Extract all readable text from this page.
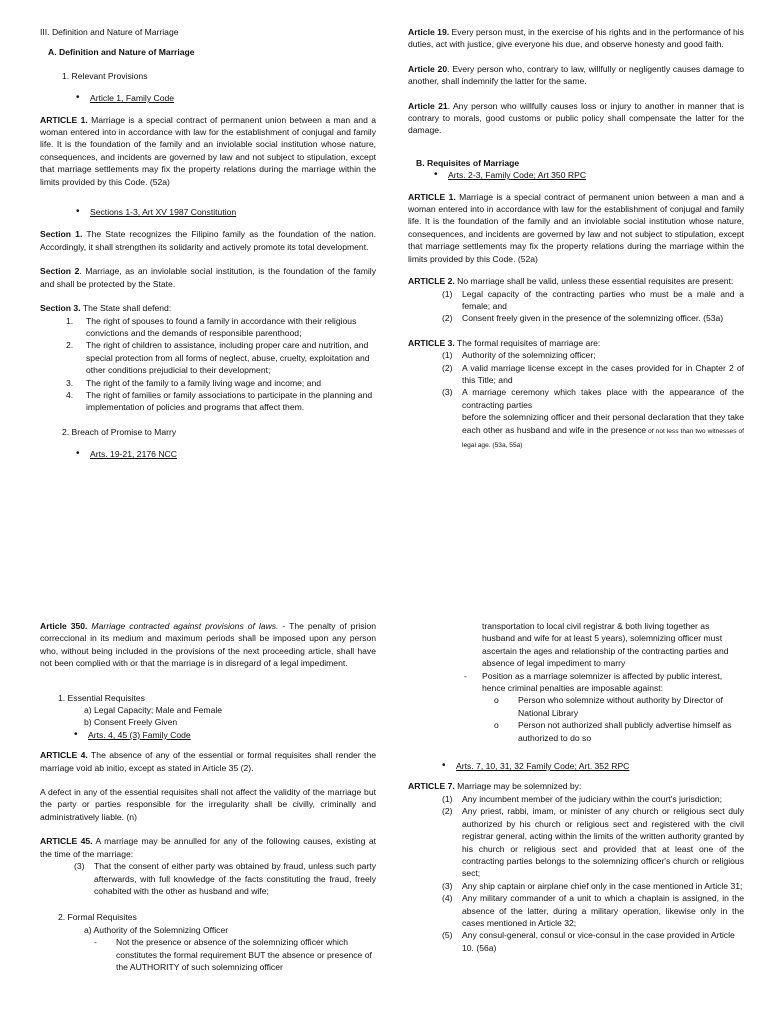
III. Definition and Nature of Marriage

A. Definition and Nature of Marriage

1. Relevant Provisions

• Article 1, Family Code

ARTICLE 1. Marriage is a special contract of permanent union between a man and a woman entered into in accordance with law for the establishment of conjugal and family life. It is the foundation of the family and an inviolable social institution whose nature, consequences, and incidents are governed by law and not subject to stipulation, except that marriage settlements may fix the property relations during the marriage within the limits provided by this Code. (52a)

• Sections 1-3, Art XV 1987 Constitution

Section 1. The State recognizes the Filipino family as the foundation of the nation. Accordingly, it shall strengthen its solidarity and actively promote its total development.

Section 2. Marriage, as an inviolable social institution, is the foundation of the family and shall be protected by the State.

Section 3. The State shall defend:

1. The right of spouses to found a family in accordance with their religious convictions and the demands of responsible parenthood;

2. The right of children to assistance, including proper care and nutrition, and special protection from all forms of neglect, abuse, cruelty, exploitation and other conditions prejudicial to their development;

3. The right of the family to a family living wage and income; and

4. The right of families or family associations to participate in the planning and implementation of policies and programs that affect them.

2. Breach of Promise to Marry

• Arts. 19-21, 2176 NCC

Article 19. Every person must, in the exercise of his rights and in the performance of his duties, act with justice, give everyone his due, and observe honesty and good faith.

Article 20. Every person who, contrary to law, willfully or negligently causes damage to another, shall indemnify the latter for the same.

Article 21. Any person who willfully causes loss or injury to another in manner that is contrary to morals, good customs or public policy shall compensate the latter for the damage.

B. Requisites of Marriage

• Arts. 2-3, Family Code; Art 350 RPC

ARTICLE 1. Marriage is a special contract of permanent union between a man and a woman entered into in accordance with law for the establishment of conjugal and family life. It is the foundation of the family and an inviolable social institution whose nature, consequences, and incidents are governed by law and not subject to stipulation, except that marriage settlements may fix the property relations during the marriage within the limits provided by this Code. (52a)

ARTICLE 2. No marriage shall be valid, unless these essential requisites are present:

(1) Legal capacity of the contracting parties who must be a male and a female; and

(2) Consent freely given in the presence of the solemnizing officer. (53a)

ARTICLE 3. The formal requisites of marriage are:

(1) Authority of the solemnizing officer;

(2) A valid marriage license except in the cases provided for in Chapter 2 of this Title; and

(3) A marriage ceremony which takes place with the appearance of the contracting parties

before the solemnizing officer and their personal declaration that they take each other as husband and wife in the presence of not less than two witnesses of legal age. (53a, 55a)

Article 350. Marriage contracted against provisions of laws. - The penalty of prision correccional in its medium and maximum periods shall be imposed upon any person who, without being included in the provisions of the next proceeding article, shall have not been complied with or that the marriage is in disregard of a legal impediment.

1. Essential Requisites

a) Legal Capacity; Male and Female

b) Consent Freely Given

• Arts. 4, 45 (3) Family Code

ARTICLE 4. The absence of any of the essential or formal requisites shall render the marriage void ab initio, except as stated in Article 35 (2).

A defect in any of the essential requisites shall not affect the validity of the marriage but the party or parties responsible for the irregularity shall be civilly, criminally and administratively liable. (n)

ARTICLE 45. A marriage may be annulled for any of the following causes, existing at the time of the marriage:

(3) That the consent of either party was obtained by fraud, unless such party afterwards, with full knowledge of the facts constituting the fraud, freely cohabited with the other as husband and wife;

2. Formal Requisites

a) Authority of the Solemnizing Officer

- Not the presence or absence of the solemnizing officer which constitutes the formal requirement BUT the absence or presence of the AUTHORITY of such solemnizing officer

transportation to local civil registrar & both living together as husband and wife for at least 5 years), solemnizing officer must ascertain the ages and relationship of the contracting parties and absence of legal impediment to marry

- Position as a marriage solemnizer is affected by public interest, hence criminal penalties are imposable against:

o Person who solemnize without authority by Director of National Library

o Person not authorized shall publicly advertise himself as authorized to do so

• Arts. 7, 10, 31, 32 Family Code; Art. 352 RPC

ARTICLE 7. Marriage may be solemnized by:

(1) Any incumbent member of the judiciary within the court's jurisdiction;

(2) Any priest, rabbi, imam, or minister of any church or religious sect duly authorized by his church or religious sect and registered with the civil registrar general, acting within the limits of the written authority granted by his church or religious sect and provided that at least one of the contracting parties belongs to the solemnizing officer's church or religious sect;

(3) Any ship captain or airplane chief only in the case mentioned in Article 31;

(4) Any military commander of a unit to which a chaplain is assigned, in the absence of the latter, during a military operation, likewise only in the cases mentioned in Article 32;

(5) Any consul-general, consul or vice-consul in the case provided in Article 10. (56a)
